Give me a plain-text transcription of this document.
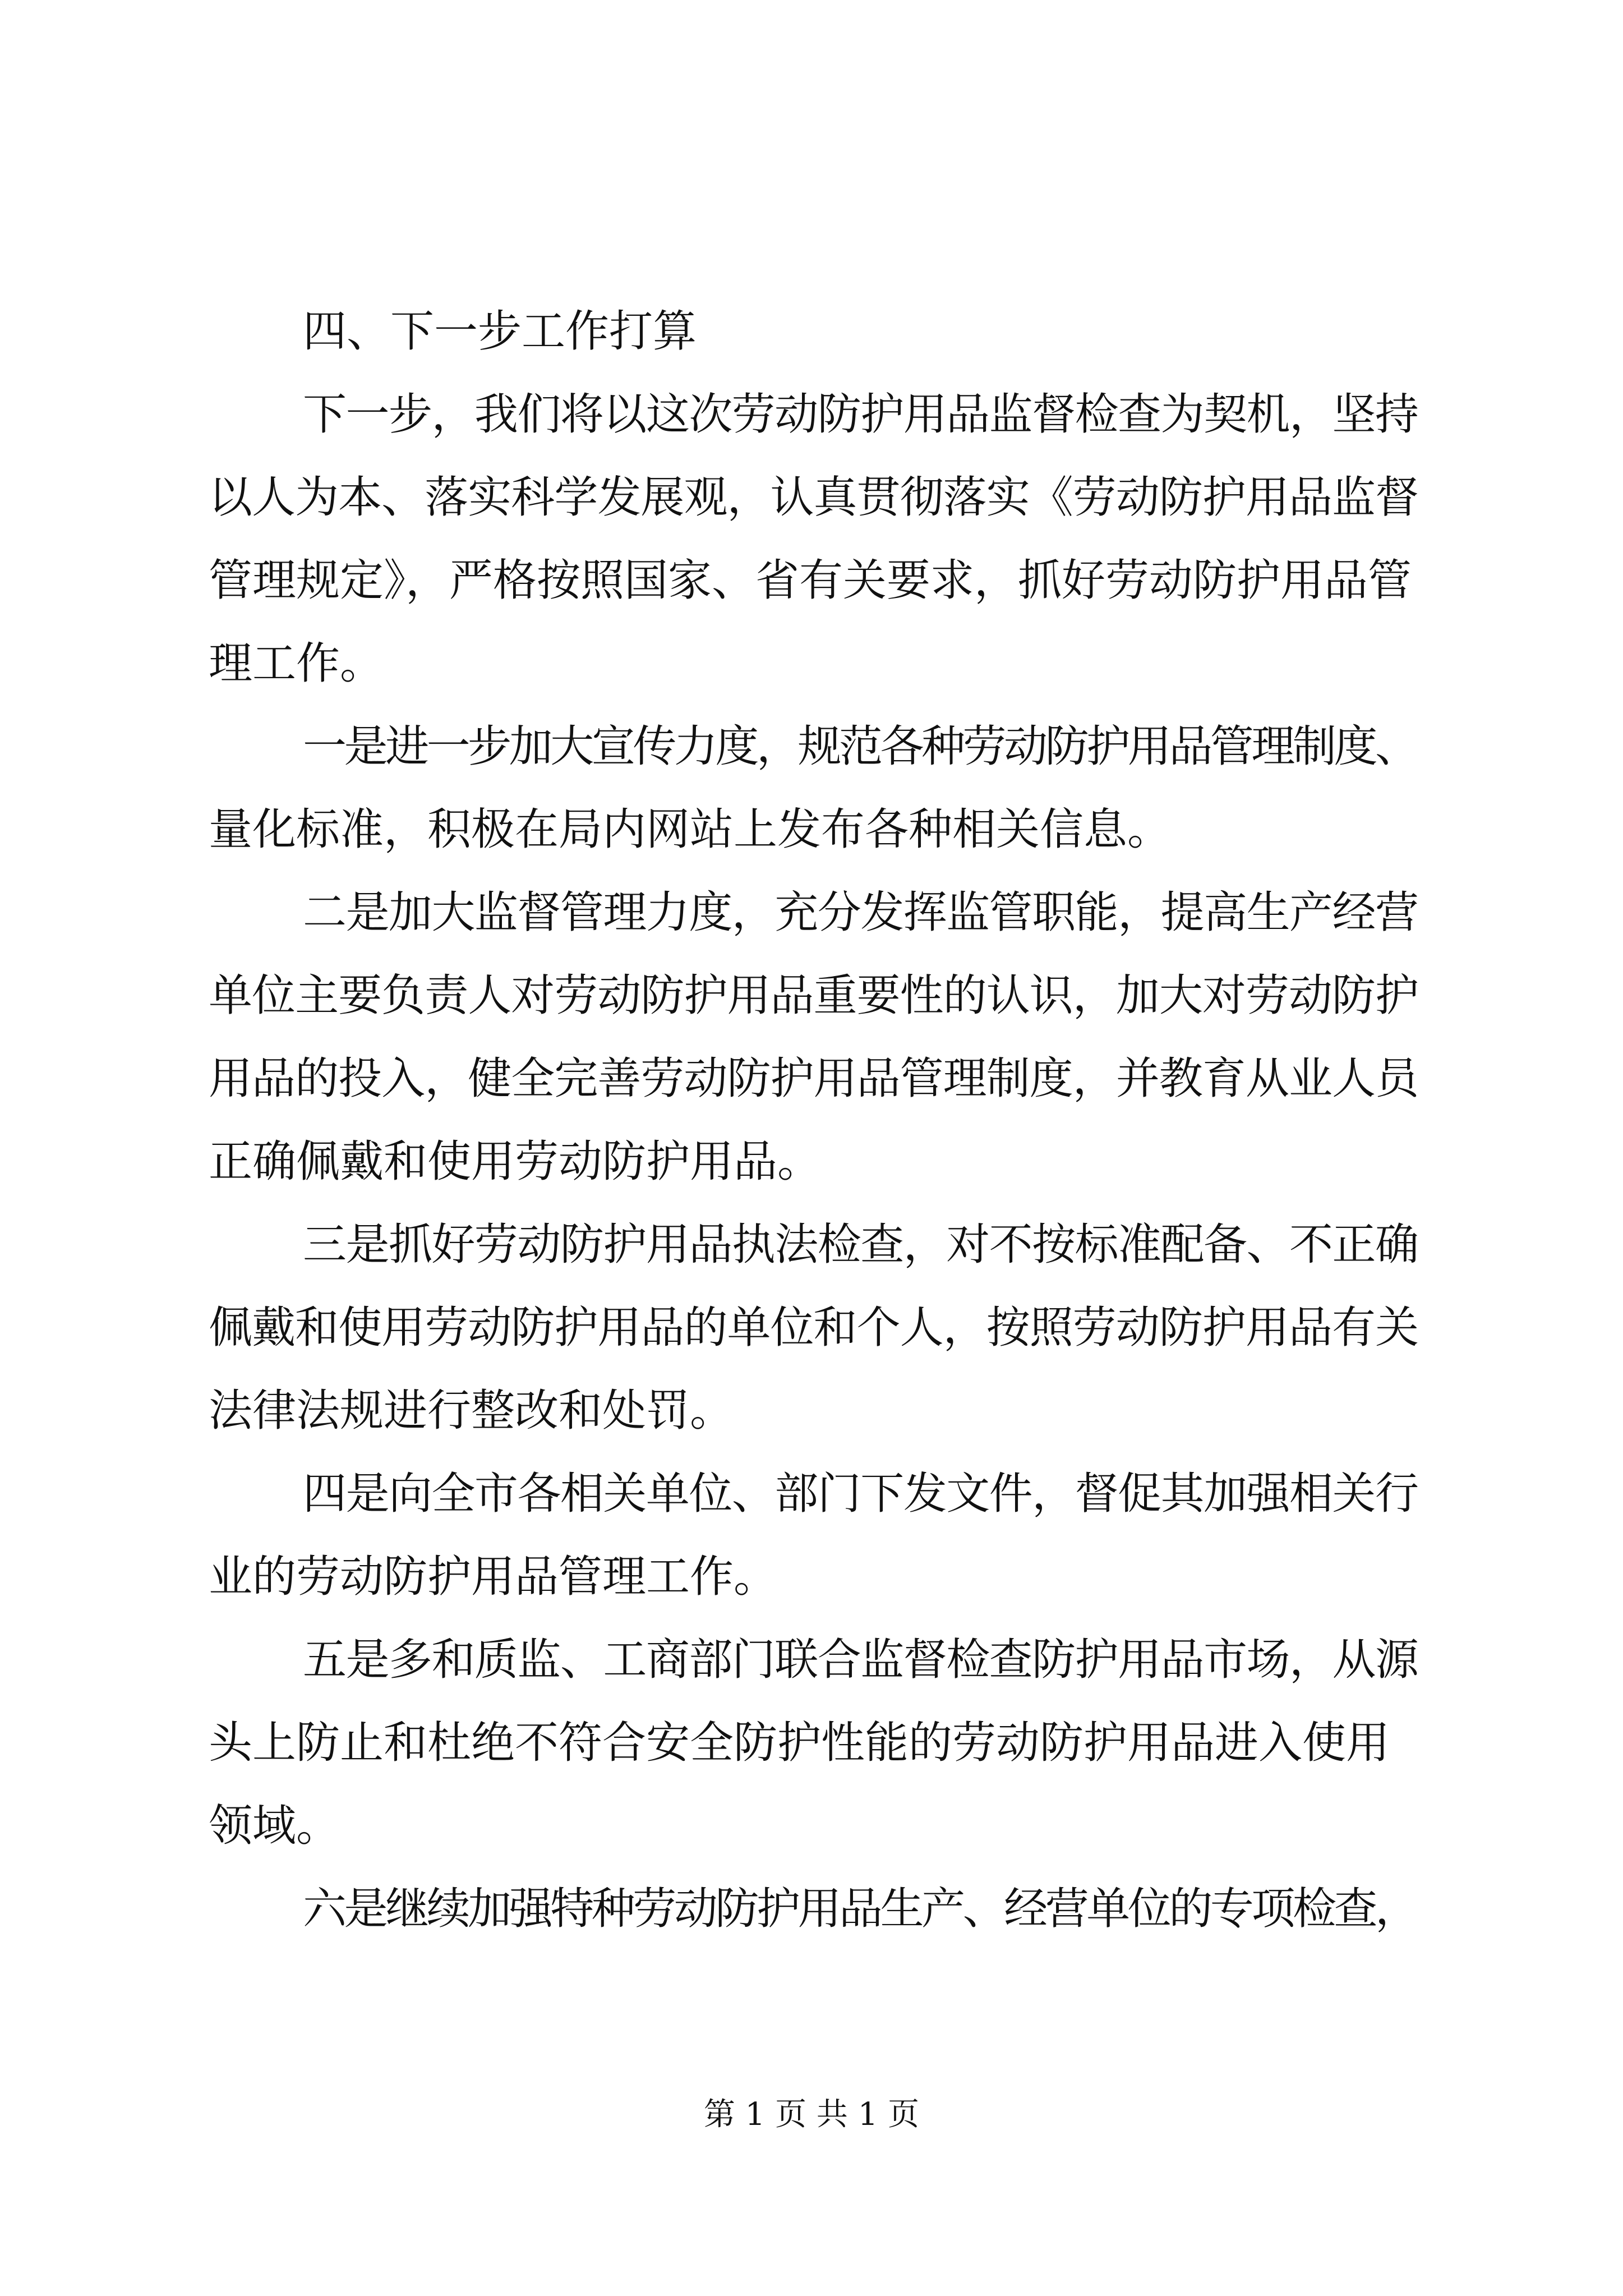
四、下一步工作打算

下一步，我们将以这次劳动防护用品监督检查为契机，坚持

以人为本、落实科学发展观，认真贯彻落实《劳动防护用品监督

管理规定》，严格按照国家、省有关要求，抓好劳动防护用品管

理工作。

一是进一步加大宣传力度，规范各种劳动防护用品管理制度、

量化标准，积极在局内网站上发布各种相关信息。

二是加大监督管理力度，充分发挥监管职能，提高生产经营

单位主要负责人对劳动防护用品重要性的认识，加大对劳动防护

用品的投入，健全完善劳动防护用品管理制度，并教育从业人员

正确佩戴和使用劳动防护用品。

三是抓好劳动防护用品执法检查，对不按标准配备、不正确

佩戴和使用劳动防护用品的单位和个人，按照劳动防护用品有关

法律法规进行整改和处罚。

四是向全市各相关单位、部门下发文件，督促其加强相关行

业的劳动防护用品管理工作。

五是多和质监、工商部门联合监督检查防护用品市场，从源

头上防止和杜绝不符合安全防护性能的劳动防护用品进入使用

领域。

六是继续加强特种劳动防护用品生产、经营单位的专项检查，

第 1 页 共 1 页
